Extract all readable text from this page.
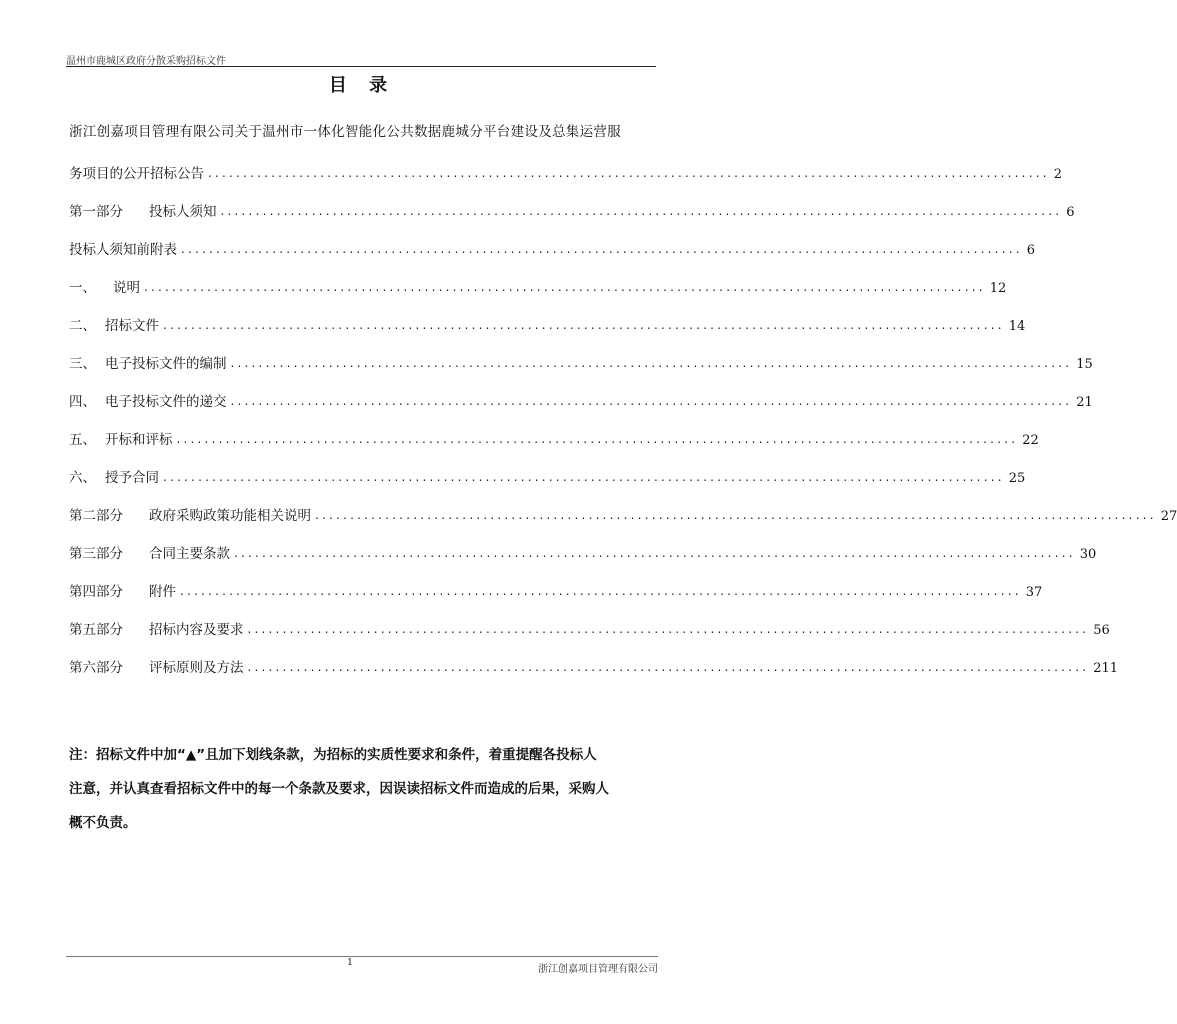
温州市鹿城区政府分散采购招标文件
目 录
浙江创嘉项目管理有限公司关于温州市一体化智能化公共数据鹿城分平台建设及总集运营服
务项目的公开招标公告 ........................................................................................................................ 2
第一部分	投标人须知 ........................................................................................................................ 6
投标人须知前附表 ........................................................................................................................ 6
一、	说明 ........................................................................................................................ 12
二、 招标文件 ........................................................................................................................ 14
三、 电子投标文件的编制 ........................................................................................................................ 15
四、 电子投标文件的递交 ........................................................................................................................ 21
五、 开标和评标 ........................................................................................................................ 22
六、 授予合同 ........................................................................................................................ 25
第二部分	政府采购政策功能相关说明 ........................................................................................................................ 27
第三部分	合同主要条款 ........................................................................................................................ 30
第四部分	附件 ........................................................................................................................ 37
第五部分	招标内容及要求 ........................................................................................................................ 56
第六部分	评标原则及方法 ........................................................................................................................ 211
注：招标文件中加“▲”且加下划线条款，为招标的实质性要求和条件，着重提醒各投标人
注意，并认真查看招标文件中的每一个条款及要求，因误读招标文件而造成的后果，采购人
概不负责。
1
浙江创嘉项目管理有限公司
